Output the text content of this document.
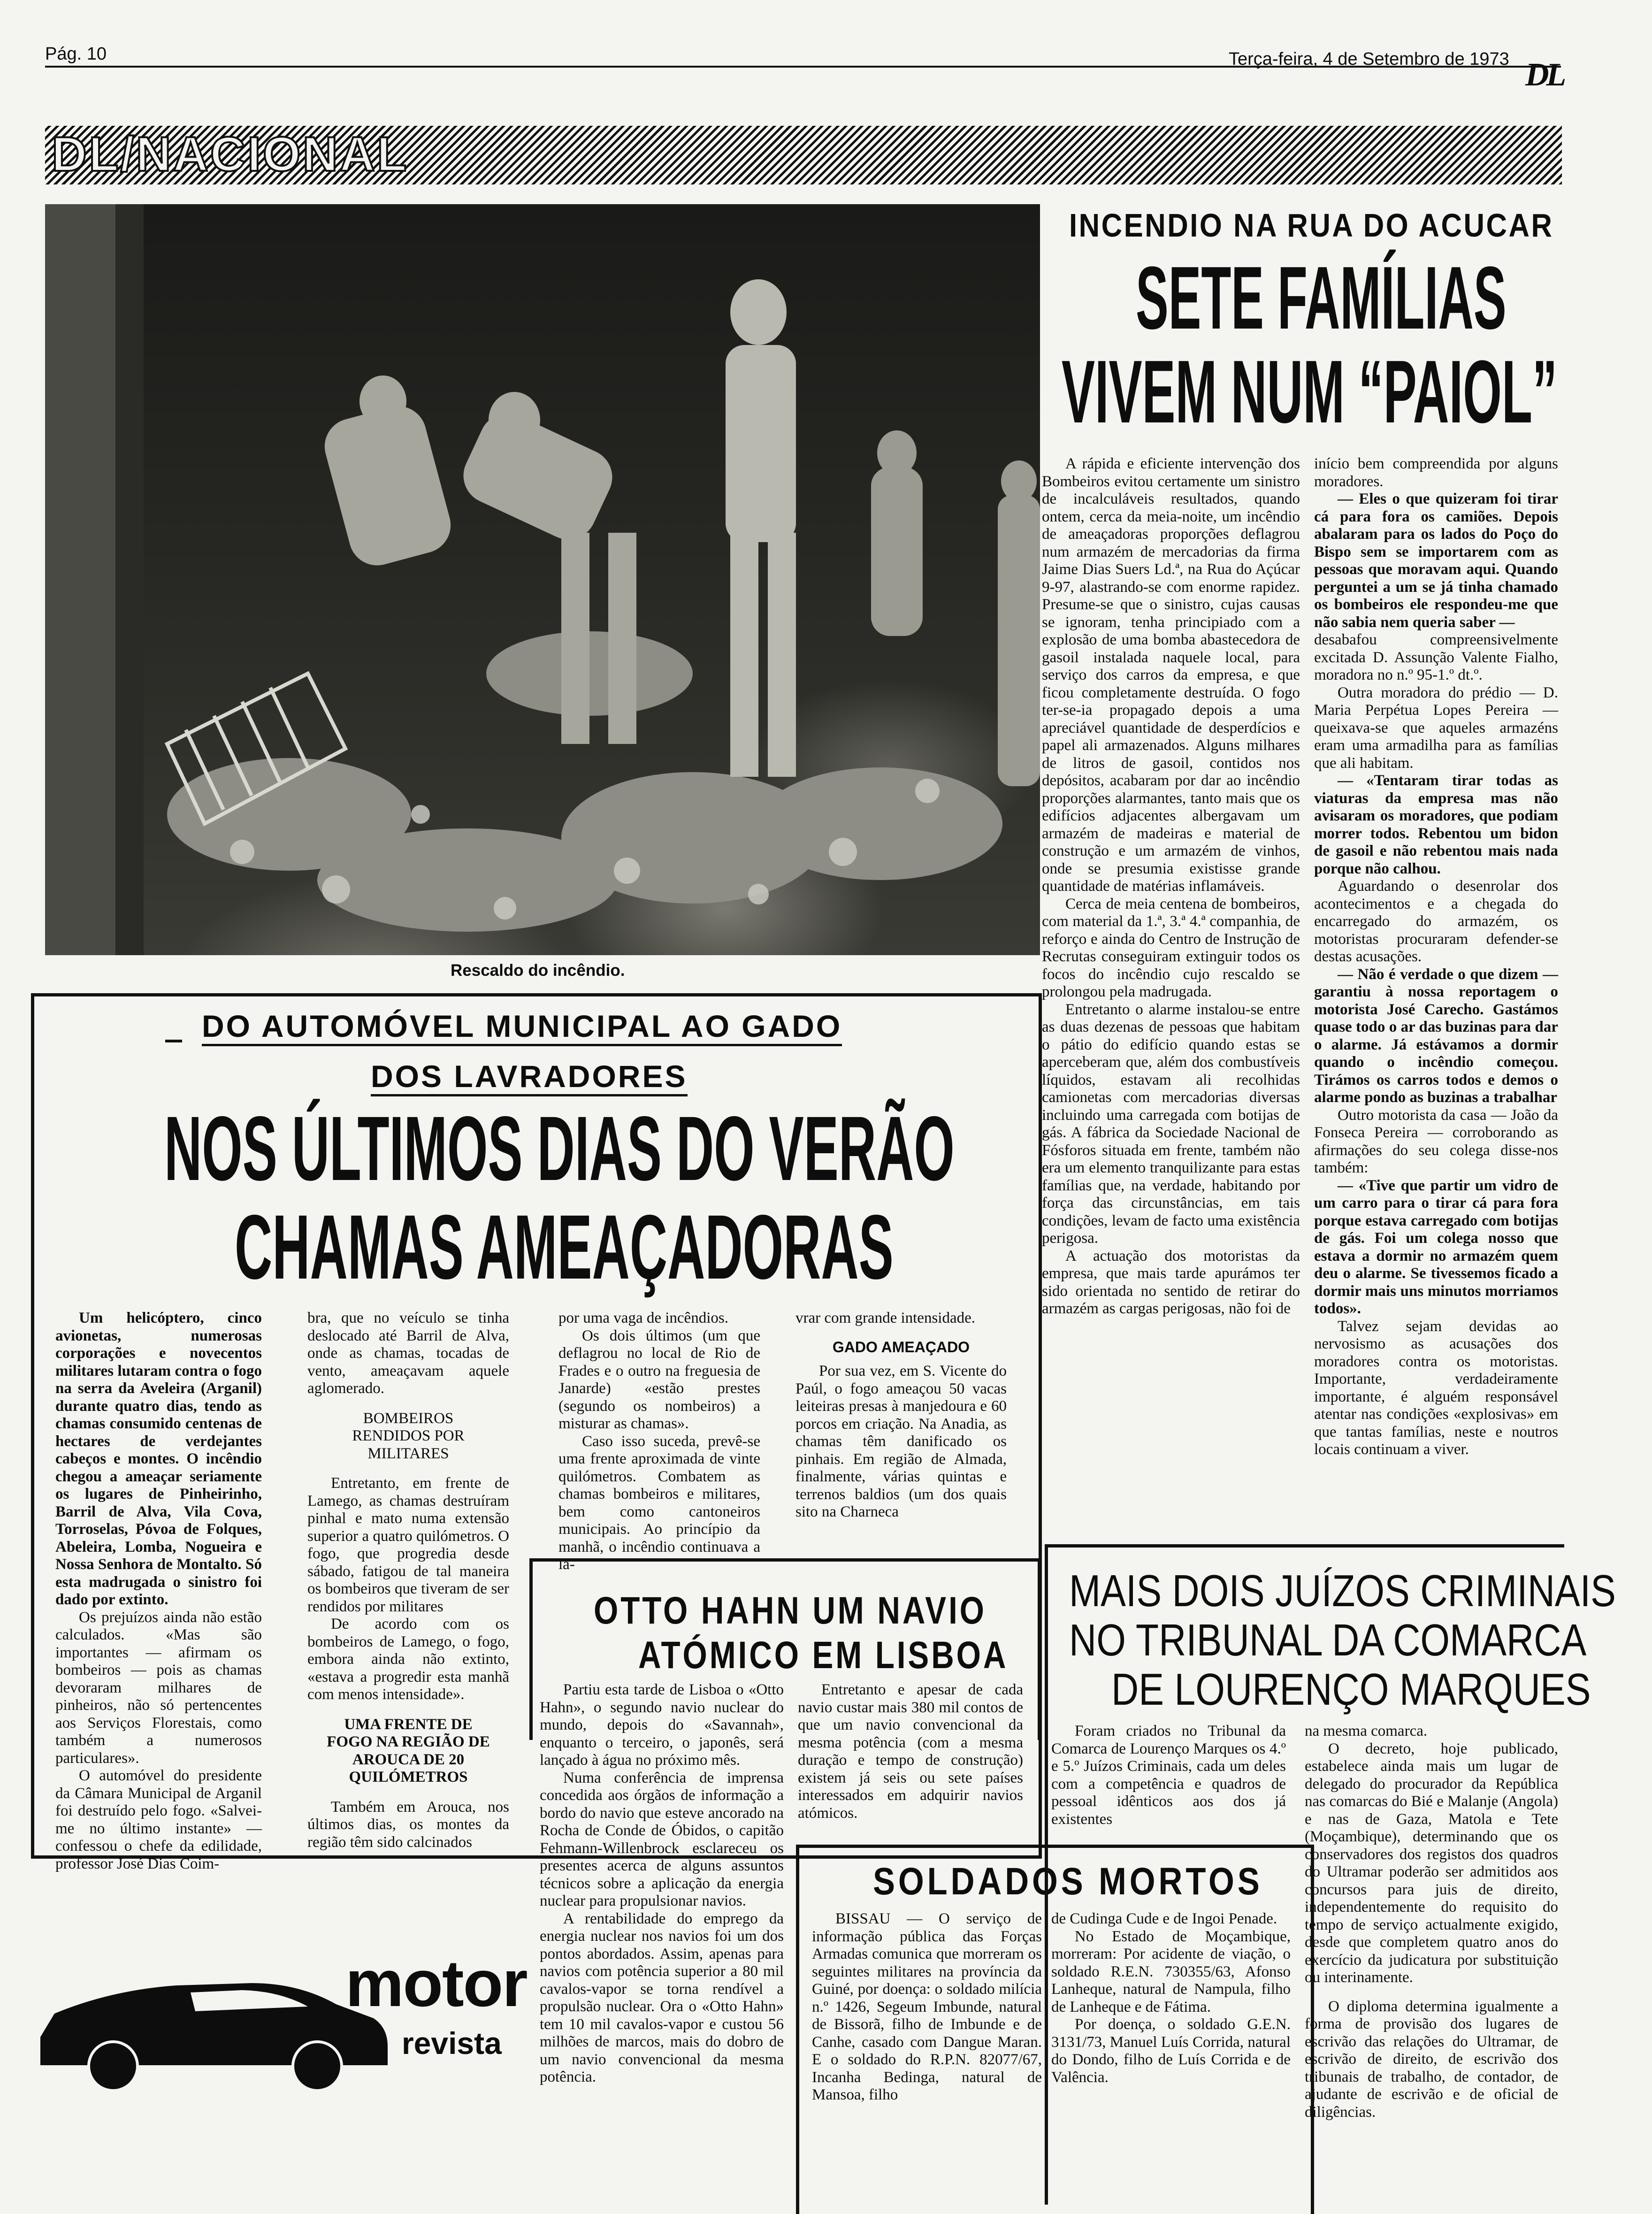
Pág. 10	Terça-feira, 4 de Setembro de 1973 DL
DL/NACIONAL
Rescaldo do incêndio.
INCENDIO NA RUA DO ACUCAR
SETE FAMÍLIAS
VIVEM NUM “PAIOL”

A rápida e eficiente intervenção dos Bombeiros evitou certamente um sinistro de incalculáveis resultados, quando ontem, cerca da meia-noite, um incêndio de ameaçadoras proporções deflagrou num armazém de mercadorias da firma Jaime Dias Suers Ld.ª, na Rua do Açúcar 9-97, alastrando-se com enorme rapidez. Presume-se que o sinistro, cujas causas se ignoram, tenha principiado com a explosão de uma bomba abastecedora de gasoil instalada naquele local, para serviço dos carros da empresa, e que ficou completamente destruída. O fogo ter-se-ia propagado depois a uma apreciável quantidade de desperdícios e papel ali armazenados. Alguns milhares de litros de gasoil, contidos nos depósitos, acabaram por dar ao incêndio proporções alarmantes, tanto mais que os edifícios adjacentes albergavam um armazém de madeiras e material de construção e um armazém de vinhos, onde se presumia existisse grande quantidade de matérias inflamáveis.

Cerca de meia centena de bombeiros, com material da 1.ª, 3.ª 4.ª companhia, de reforço e ainda do Centro de Instrução de Recrutas conseguiram extinguir todos os focos do incêndio cujo rescaldo se prolongou pela madrugada.

Entretanto o alarme instalou-se entre as duas dezenas de pessoas que habitam o pátio do edifício quando estas se aperceberam que, além dos combustíveis líquidos, estavam ali recolhidas camionetas com mercadorias diversas incluindo uma carregada com botijas de gás. A fábrica da Sociedade Nacional de Fósforos situada em frente, também não era um elemento tranquilizante para estas famílias que, na verdade, habitando por força das circunstâncias, em tais condições, levam de facto uma existência perigosa.

A actuação dos motoristas da empresa, que mais tarde apurámos ter sido orientada no sentido de retirar do armazém as cargas perigosas, não foi de

início bem compreendida por alguns moradores.

— Eles o que quizeram foi tirar cá para fora os camiões. Depois abalaram para os lados do Poço do Bispo sem se importarem com as pessoas que moravam aqui. Quando perguntei a um se já tinha chamado os bombeiros ele respondeu-me que não sabia nem queria saber —

desabafou compreensivelmente excitada D. Assunção Valente Fialho, moradora no n.º 95-1.º dt.º.

Outra moradora do prédio — D. Maria Perpétua Lopes Pereira — queixava-se que aqueles armazéns eram uma armadilha para as famílias que ali habitam.

— «Tentaram tirar todas as viaturas da empresa mas não avisaram os moradores, que podiam morrer todos. Rebentou um bidon de gasoil e não rebentou mais nada porque não calhou.

Aguardando o desenrolar dos acontecimentos e a chegada do encarregado do armazém, os motoristas procuraram defender-se destas acusações.

— Não é verdade o que dizem — garantiu à nossa reportagem o motorista José Carecho. Gastámos quase todo o ar das buzinas para dar o alarme. Já estávamos a dormir quando o incêndio começou. Tirámos os carros todos e demos o alarme pondo as buzinas a trabalhar

Outro motorista da casa — João da Fonseca Pereira — corroborando as afirmações do seu colega disse-nos também:

— «Tive que partir um vidro de um carro para o tirar cá para fora porque estava carregado com botijas de gás. Foi um colega nosso que estava a dormir no armazém quem deu o alarme. Se tivessemos ficado a dormir mais uns minutos morriamos todos».

Talvez sejam devidas ao nervosismo as acusações dos moradores contra os motoristas. Importante, verdadeiramente importante, é alguém responsável atentar nas condições «explosivas» em que tantas famílias, neste e noutros locais continuam a viver.

DO AUTOMÓVEL MUNICIPAL AO GADO
DOS LAVRADORES
NOS ÚLTIMOS DIAS DO VERÃO
CHAMAS AMEAÇADORAS

Um helicóptero, cinco avionetas, numerosas corporações e novecentos militares lutaram contra o fogo na serra da Aveleira (Arganil) durante quatro dias, tendo as chamas consumido centenas de hectares de verdejantes cabeços e montes. O incêndio chegou a ameaçar seriamente os lugares de Pinheirinho, Barril de Alva, Vila Cova, Torroselas, Póvoa de Folques, Abeleira, Lomba, Nogueira e Nossa Senhora de Montalto. Só esta madrugada o sinistro foi dado por extinto.

Os prejuízos ainda não estão calculados. «Mas são importantes — afirmam os bombeiros — pois as chamas devoraram milhares de pinheiros, não só pertencentes aos Serviços Florestais, como também a numerosos particulares».

O automóvel do presidente da Câmara Municipal de Arganil foi destruído pelo fogo. «Salvei-me no último instante» — confessou o chefe da edilidade, professor José Dias Coim-

bra, que no veículo se tinha deslocado até Barril de Alva, onde as chamas, tocadas de vento, ameaçavam aquele aglomerado.

BOMBEIROS RENDIDOS POR MILITARES

Entretanto, em frente de Lamego, as chamas destruíram pinhal e mato numa extensão superior a quatro quilómetros. O fogo, que progredia desde sábado, fatigou de tal maneira os bombeiros que tiveram de ser rendidos por militares

De acordo com os bombeiros de Lamego, o fogo, embora ainda não extinto, «estava a progredir esta manhã com menos intensidade».

UMA FRENTE DE FOGO NA REGIÃO DE AROUCA DE 20 QUILÓMETROS

Também em Arouca, nos últimos dias, os montes da região têm sido calcinados

por uma vaga de incêndios.

Os dois últimos (um que deflagrou no local de Rio de Frades e o outro na freguesia de Janarde) «estão prestes (segundo os nombeiros) a misturar as chamas».

Caso isso suceda, prevê-se uma frente aproximada de vinte quilómetros. Combatem as chamas bombeiros e militares, bem como cantoneiros municipais. Ao princípio da manhã, o incêndio continuava a la-

vrar com grande intensidade.

GADO AMEAÇADO

Por sua vez, em S. Vicente do Paúl, o fogo ameaçou 50 vacas leiteiras presas à manjedoura e 60 porcos em criação. Na Anadia, as chamas têm danificado os pinhais. Em região de Almada, finalmente, várias quintas e terrenos baldios (um dos quais sito na Charneca

OTTO HAHN UM NAVIO
ATÓMICO EM LISBOA

Partiu esta tarde de Lisboa o «Otto Hahn», o segundo navio nuclear do mundo, depois do «Savannah», enquanto o terceiro, o japonês, será lançado à água no próximo mês.

Numa conferência de imprensa concedida aos órgãos de informação a bordo do navio que esteve ancorado na Rocha de Conde de Óbidos, o capitão Fehmann-Willenbrock esclareceu os presentes acerca de alguns assuntos técnicos sobre a aplicação da energia nuclear para propulsionar navios.

A rentabilidade do emprego da energia nuclear nos navios foi um dos pontos abordados. Assim, apenas para navios com potência superior a 80 mil cavalos-vapor se torna rendível a propulsão nuclear. Ora o «Otto Hahn» tem 10 mil cavalos-vapor e custou 56 milhões de marcos, mais do dobro de um navio convencional da mesma potência.

Entretanto e apesar de cada navio custar mais 380 mil contos de que um navio convencional da mesma potência (com a mesma duração e tempo de construção) existem já seis ou sete países interessados em adquirir navios atómicos.

SOLDADOS MORTOS

BISSAU — O serviço de informação pública das Forças Armadas comunica que morreram os seguintes militares na província da Guiné, por doença: o soldado milícia n.º 1426, Segeum Imbunde, natural de Bissorã, filho de Imbunde e de Canhe, casado com Dangue Maran. E o soldado do R.P.N. 82077/67, Incanha Bedinga, natural de Mansoa, filho

de Cudinga Cude e de Ingoi Penade.

No Estado de Moçambique, morreram: Por acidente de viação, o soldado R.E.N. 730355/63, Afonso Lanheque, natural de Nampula, filho de Lanheque e de Fátima.

Por doença, o soldado G.E.N. 3131/73, Manuel Luís Corrida, natural do Dondo, filho de Luís Corrida e de Valência.

MAIS DOIS JUÍZOS CRIMINAIS
NO TRIBUNAL DA COMARCA
DE LOURENÇO MARQUES

Foram criados no Tribunal da Comarca de Lourenço Marques os 4.º e 5.º Juízos Criminais, cada um deles com a competência e quadros de pessoal idênticos aos dos já existentes

na mesma comarca.

O decreto, hoje publicado, estabelece ainda mais um lugar de delegado do procurador da República nas comarcas do Bié e Malanje (Angola) e nas de Gaza, Matola e Tete (Moçambique), determinando que os conservadores dos registos dos quadros do Ultramar poderão ser admitidos aos concursos para juis de direito, independentemente do requisito do tempo de serviço actualmente exigido, desde que completem quatro anos do exercício da judicatura por substituição ou interinamente.

O diploma determina igualmente a forma de provisão dos lugares de escrivão das relações do Ultramar, de escrivão de direito, de escrivão dos tribunais de trabalho, de contador, de ajudante de escrivão e de oficial de diligências.

motor
revista
